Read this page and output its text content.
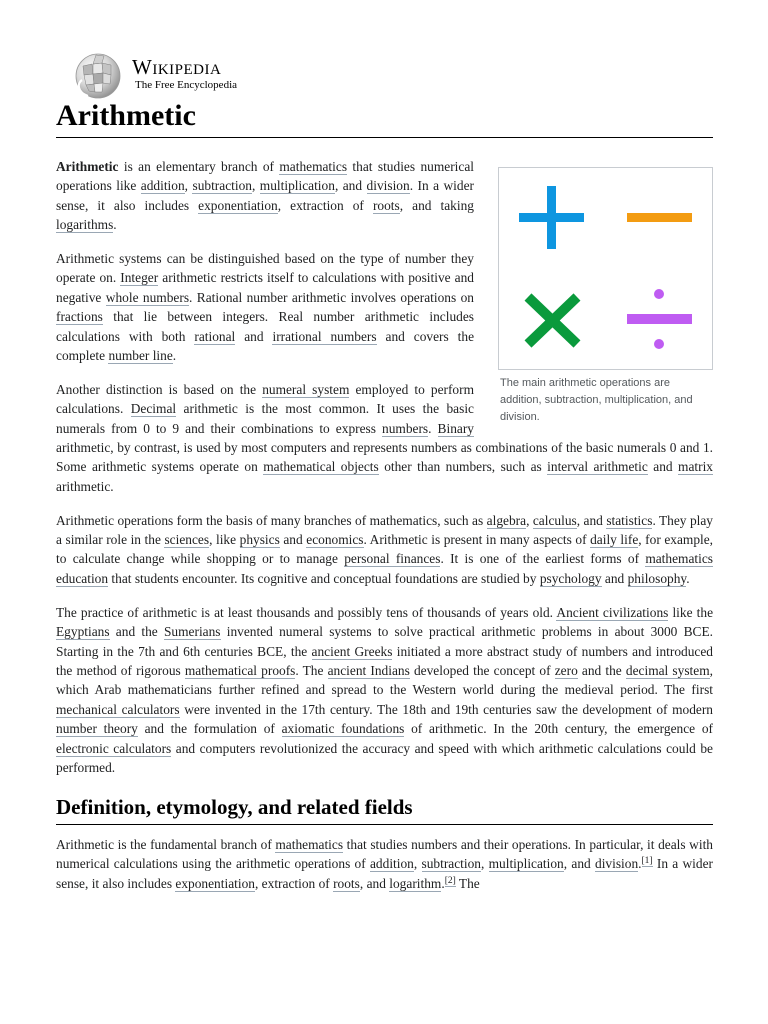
Wikipedia
The Free Encyclopedia
Arithmetic
The main arithmetic operations are addition, subtraction, multiplication, and division.

Arithmetic is an elementary branch of mathematics that studies numerical operations like addition, subtraction, multiplication, and division. In a wider sense, it also includes exponentiation, extraction of roots, and taking logarithms.

Arithmetic systems can be distinguished based on the type of number they operate on. Integer arithmetic restricts itself to calculations with positive and negative whole numbers. Rational number arithmetic involves operations on fractions that lie between integers. Real number arithmetic includes calculations with both rational and irrational numbers and covers the complete number line.

Another distinction is based on the numeral system employed to perform calculations. Decimal arithmetic is the most common. It uses the basic numerals from 0 to 9 and their combinations to express numbers. Binary arithmetic, by contrast, is used by most computers and represents numbers as combinations of the basic numerals 0 and 1. Some arithmetic systems operate on mathematical objects other than numbers, such as interval arithmetic and matrix arithmetic.

Arithmetic operations form the basis of many branches of mathematics, such as algebra, calculus, and statistics. They play a similar role in the sciences, like physics and economics. Arithmetic is present in many aspects of daily life, for example, to calculate change while shopping or to manage personal finances. It is one of the earliest forms of mathematics education that students encounter. Its cognitive and conceptual foundations are studied by psychology and philosophy.

The practice of arithmetic is at least thousands and possibly tens of thousands of years old. Ancient civilizations like the Egyptians and the Sumerians invented numeral systems to solve practical arithmetic problems in about 3000 BCE. Starting in the 7th and 6th centuries BCE, the ancient Greeks initiated a more abstract study of numbers and introduced the method of rigorous mathematical proofs. The ancient Indians developed the concept of zero and the decimal system, which Arab mathematicians further refined and spread to the Western world during the medieval period. The first mechanical calculators were invented in the 17th century. The 18th and 19th centuries saw the development of modern number theory and the formulation of axiomatic foundations of arithmetic. In the 20th century, the emergence of electronic calculators and computers revolutionized the accuracy and speed with which arithmetic calculations could be performed.

Definition, etymology, and related fields

Arithmetic is the fundamental branch of mathematics that studies numbers and their operations. In particular, it deals with numerical calculations using the arithmetic operations of addition, subtraction, multiplication, and division.[1] In a wider sense, it also includes exponentiation, extraction of roots, and logarithm.[2] The
